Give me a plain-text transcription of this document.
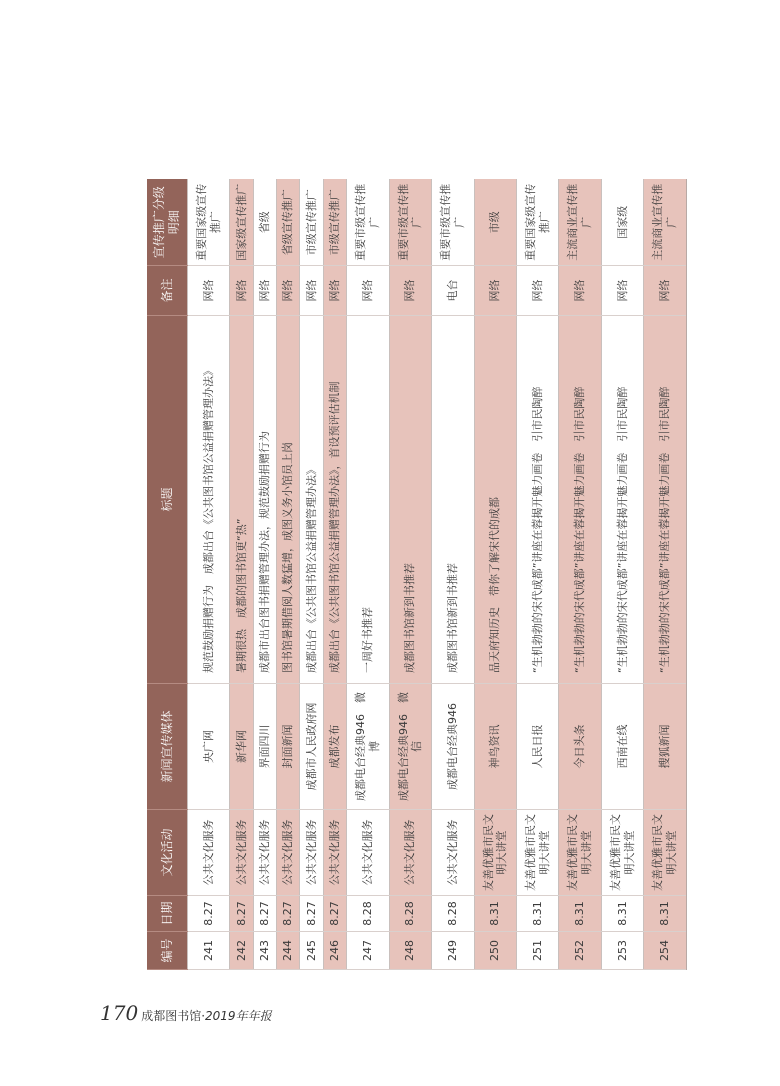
编号	日期	文化活动	新闻宣传媒体	标题	备注	宣传推广分级明细
241	8.27	公共文化服务	央广网	规范鼓励捐赠行为　成都出台《公共图书馆公益捐赠管理办法》	网络	重要国家级宣传推广
242	8.27	公共文化服务	新华网	暑期很热　成都的图书馆更“热”	网络	国家级宣传推广
243	8.27	公共文化服务	界面四川	成都市出台图书捐赠管理办法，规范鼓励捐赠行为	网络	省级
244	8.27	公共文化服务	封面新闻	图书馆暑期借阅人数猛增，成图义务小馆员上岗	网络	省级宣传推广
245	8.27	公共文化服务	成都市人民政府网	成都出台《公共图书馆公益捐赠管理办法》	网络	市级宣传推广
246	8.27	公共文化服务	成都发布	成都出台《公共图书馆公益捐赠管理办法》，首设预评估机制	网络	市级宣传推广
247	8.28	公共文化服务	成都电台经典946　微博	一周好书推荐	网络	重要市级宣传推广
248	8.28	公共文化服务	成都电台经典946　微信	成都图书馆新到书推荐	网络	重要市级宣传推广
249	8.28	公共文化服务	成都电台经典946	成都图书馆新到书推荐	电台	重要市级宣传推广
250	8.31	友善优雅市民文明大讲堂	神鸟资讯	品天府知历史　带你了解宋代的成都	网络	市级
251	8.31	友善优雅市民文明大讲堂	人民日报	“生机勃勃的宋代成都”讲座在蓉揭开魅力画卷　引市民陶醉	网络	重要国家级宣传推广
252	8.31	友善优雅市民文明大讲堂	今日头条	“生机勃勃的宋代成都”讲座在蓉揭开魅力画卷　引市民陶醉	网络	主流商业宣传推广
253	8.31	友善优雅市民文明大讲堂	西南在线	“生机勃勃的宋代成都”讲座在蓉揭开魅力画卷　引市民陶醉	网络	国家级
254	8.31	友善优雅市民文明大讲堂	搜狐新闻	“生机勃勃的宋代成都”讲座在蓉揭开魅力画卷　引市民陶醉	网络	主流商业宣传推广
170 成都图书馆·2019年年报
